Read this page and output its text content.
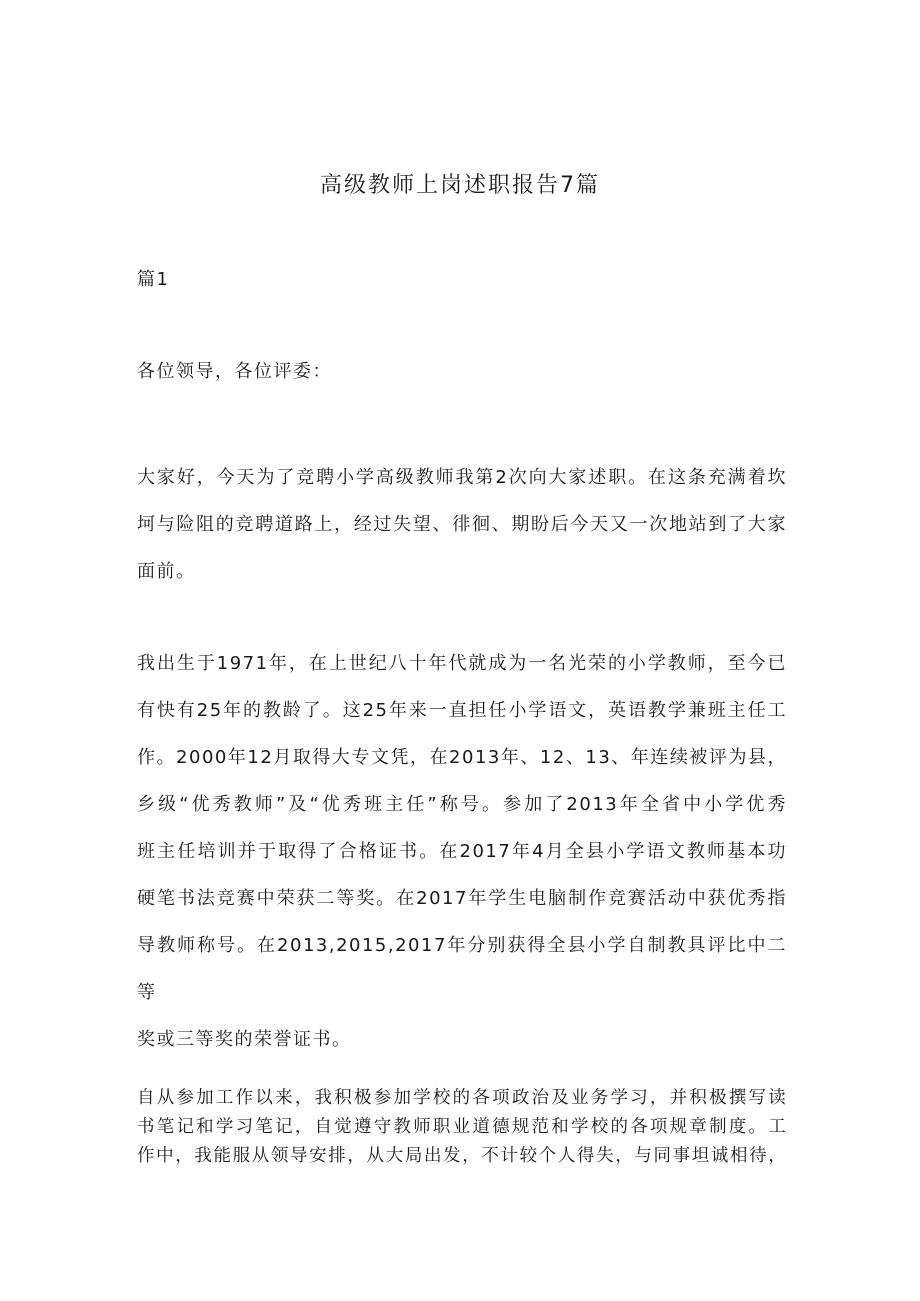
高级教师上岗述职报告7篇
篇1
各位领导，各位评委：
大家好，今天为了竞聘小学高级教师我第2次向大家述职。在这条充满着坎
坷与险阻的竞聘道路上，经过失望、徘徊、期盼后今天又一次地站到了大家
面前。
我出生于1971年，在上世纪八十年代就成为一名光荣的小学教师，至今已
有快有25年的教龄了。这25年来一直担任小学语文，英语教学兼班主任工
作。2000年12月取得大专文凭，在2013年、12、13、年连续被评为县，
乡级“优秀教师”及“优秀班主任”称号。参加了2013年全省中小学优秀
班主任培训并于取得了合格证书。在2017年4月全县小学语文教师基本功
硬笔书法竞赛中荣获二等奖。在2017年学生电脑制作竞赛活动中获优秀指
导教师称号。在2013,2015,2017年分别获得全县小学自制教具评比中二等
奖或三等奖的荣誉证书。
自从参加工作以来，我积极参加学校的各项政治及业务学习，并积极撰写读
书笔记和学习笔记，自觉遵守教师职业道德规范和学校的各项规章制度。工
作中，我能服从领导安排，从大局出发，不计较个人得失，与同事坦诚相待，
